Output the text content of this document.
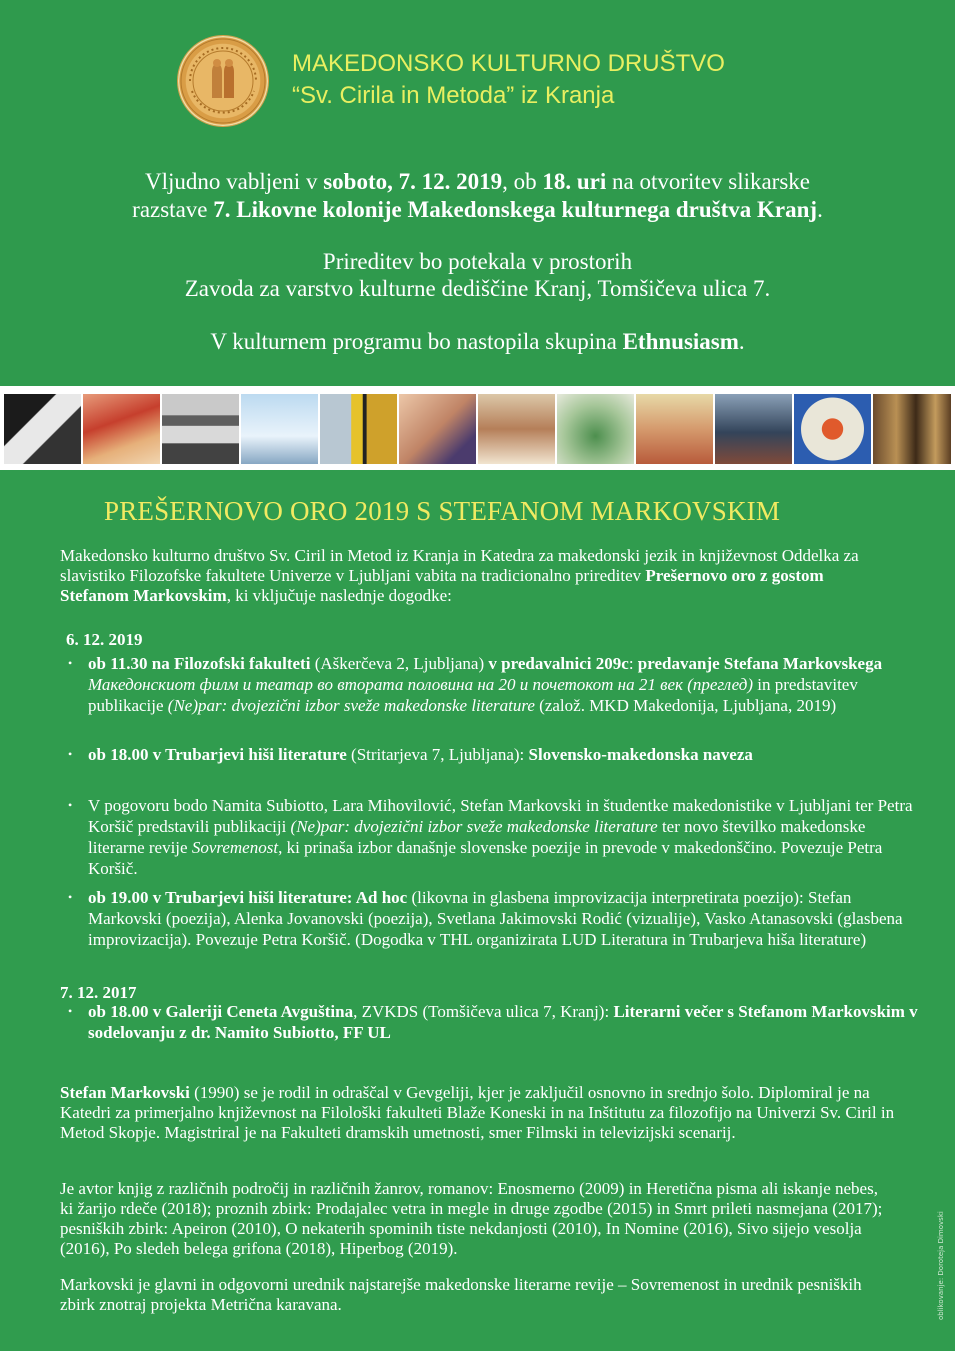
MAKEDONSKO KULTURNO DRUŠTVO
“Sv. Cirila in Metoda” iz Kranja
Vljudno vabljeni v soboto, 7. 12. 2019, ob 18. uri na otvoritev slikarske
razstave 7. Likovne kolonije Makedonskega kulturnega društva Kranj.
Prireditev bo potekala v prostorih
Zavoda za varstvo kulturne dediščine Kranj, Tomšičeva ulica 7.
V kulturnem programu bo nastopila skupina Ethnusiasm.
PREŠERNOVO ORO 2019 S STEFANOM MARKOVSKIM
Makedonsko kulturno društvo Sv. Ciril in Metod iz Kranja in Katedra za makedonski jezik in književnost Oddelka za slavistiko Filozofske fakultete Univerze v Ljubljani vabita na tradicionalno prireditev Prešernovo oro z gostom Stefanom Markovskim, ki vključuje naslednje dogodke:
6. 12. 2019
• ob 11.30 na Filozofski fakulteti (Aškerčeva 2, Ljubljana) v predavalnici 209c: predavanje Stefana Markovskega Македонскиот филм и театар во втората половина на 20 и почетокот на 21 век (преглед) in predstavitev publikacije (Ne)par: dvojezični izbor sveže makedonske literature (založ. MKD Makedonija, Ljubljana, 2019)
• ob 18.00 v Trubarjevi hiši literature (Stritarjeva 7, Ljubljana): Slovensko-makedonska naveza
• V pogovoru bodo Namita Subiotto, Lara Mihovilović, Stefan Markovski in študentke makedonistike v Ljubljani ter Petra Koršič predstavili publikaciji (Ne)par: dvojezični izbor sveže makedonske literature ter novo številko makedonske literarne revije Sovremenost, ki prinaša izbor današnje slovenske poezije in prevode v makedonščino. Povezuje Petra Koršič.
• ob 19.00 v Trubarjevi hiši literature: Ad hoc (likovna in glasbena improvizacija interpretirata poezijo): Stefan Markovski (poezija), Alenka Jovanovski (poezija), Svetlana Jakimovski Rodić (vizualije), Vasko Atanasovski (glasbena improvizacija). Povezuje Petra Koršič. (Dogodka v THL organizirata LUD Literatura in Trubarjeva hiša literature)
7. 12. 2017
• ob 18.00 v Galeriji Ceneta Avguština, ZVKDS (Tomšičeva ulica 7, Kranj): Literarni večer s Stefanom Markovskim v sodelovanju z dr. Namito Subiotto, FF UL
Stefan Markovski (1990) se je rodil in odraščal v Gevgeliji, kjer je zaključil osnovno in srednjo šolo. Diplomiral je na Katedri za primerjalno književnost na Filološki fakulteti Blaže Koneski in na Inštitutu za filozofijo na Univerzi Sv. Ciril in Metod Skopje. Magistriral je na Fakulteti dramskih umetnosti, smer Filmski in televizijski scenarij.
Je avtor knjig z različnih področij in različnih žanrov, romanov: Enosmerno (2009) in Heretična pisma ali iskanje nebes, ki žarijo rdeče (2018); proznih zbirk: Prodajalec vetra in megle in druge zgodbe (2015) in Smrt prileti nasmejana (2017); pesniških zbirk: Apeiron (2010), O nekaterih spominih tiste nekdanjosti (2010), In Nomine (2016), Sivo sijejo vesolja (2016), Po sledeh belega grifona (2018), Hiperbog (2019).
Markovski je glavni in odgovorni urednik najstarejše makedonske literarne revije – Sovremenost in urednik pesniških zbirk znotraj projekta Metrična karavana.	oblikovanje: Doroteja Dimovski
